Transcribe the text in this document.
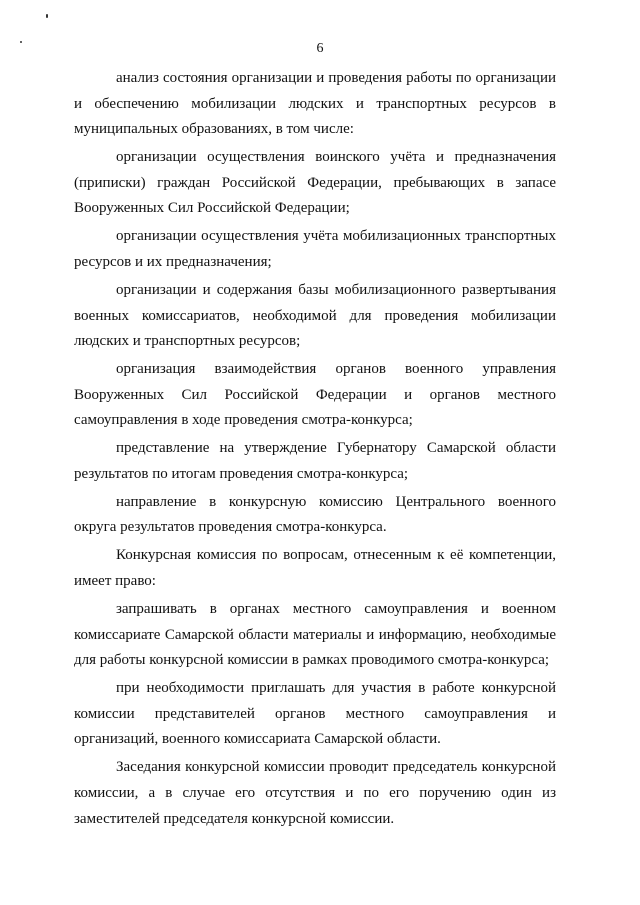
6

анализ состояния организации и проведения работы по организации и обеспечению мобилизации людских и транспортных ресурсов в муниципальных образованиях, в том числе:

организации осуществления воинского учёта и предназначения (приписки) граждан Российской Федерации, пребывающих в запасе Вооруженных Сил Российской Федерации;

организации осуществления учёта мобилизационных транспортных ресурсов и их предназначения;

организации и содержания базы мобилизационного развертывания военных комиссариатов, необходимой для проведения мобилизации людских и транспортных ресурсов;

организация взаимодействия органов военного управления Вооруженных Сил Российской Федерации и органов местного самоуправления в ходе проведения смотра-конкурса;

представление на утверждение Губернатору Самарской области результатов по итогам проведения смотра-конкурса;

направление в конкурсную комиссию Центрального военного округа результатов проведения смотра-конкурса.

Конкурсная комиссия по вопросам, отнесенным к её компетенции, имеет право:

запрашивать в органах местного самоуправления и военном комиссариате Самарской области материалы и информацию, необходимые для работы конкурсной комиссии в рамках проводимого смотра-конкурса;

при необходимости приглашать для участия в работе конкурсной комиссии представителей органов местного самоуправления и организаций, военного комиссариата Самарской области.

Заседания конкурсной комиссии проводит председатель конкурсной комиссии, а в случае его отсутствия и по его поручению один из заместителей председателя конкурсной комиссии.
